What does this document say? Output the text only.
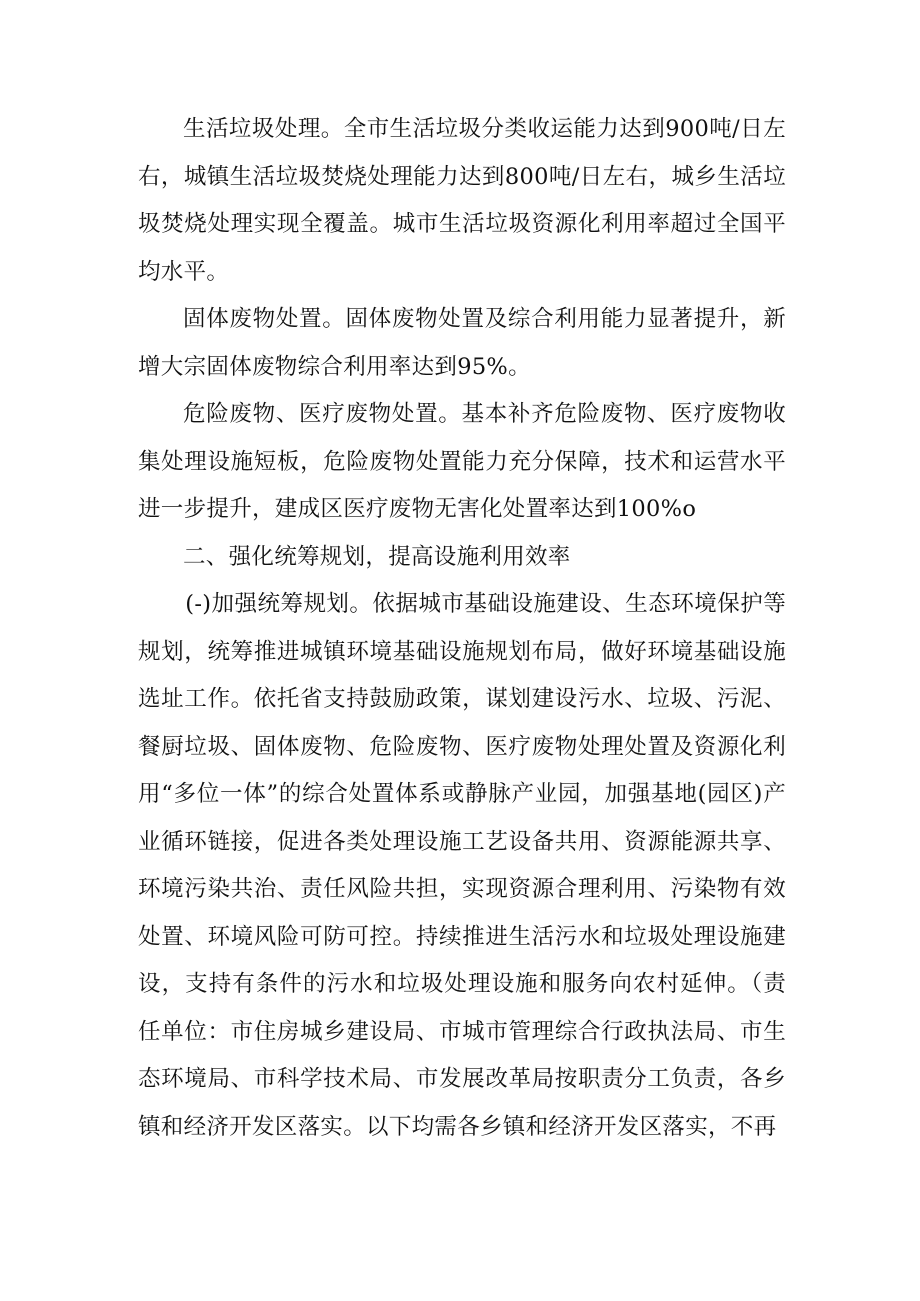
生活垃圾处理。全市生活垃圾分类收运能力达到900吨/日左右，城镇生活垃圾焚烧处理能力达到800吨/日左右，城乡生活垃圾焚烧处理实现全覆盖。城市生活垃圾资源化利用率超过全国平均水平。

固体废物处置。固体废物处置及综合利用能力显著提升，新增大宗固体废物综合利用率达到95%。

危险废物、医疗废物处置。基本补齐危险废物、医疗废物收集处理设施短板，危险废物处置能力充分保障，技术和运营水平进一步提升，建成区医疗废物无害化处置率达到100%o

二、强化统筹规划，提高设施利用效率

(-)加强统筹规划。依据城市基础设施建设、生态环境保护等规划，统筹推进城镇环境基础设施规划布局，做好环境基础设施选址工作。依托省支持鼓励政策，谋划建设污水、垃圾、污泥、餐厨垃圾、固体废物、危险废物、医疗废物处理处置及资源化利用“多位一体”的综合处置体系或静脉产业园，加强基地(园区)产业循环链接，促进各类处理设施工艺设备共用、资源能源共享、环境污染共治、责任风险共担，实现资源合理利用、污染物有效处置、环境风险可防可控。持续推进生活污水和垃圾处理设施建设，支持有条件的污水和垃圾处理设施和服务向农村延伸。（责任单位：市住房城乡建设局、市城市管理综合行政执法局、市生态环境局、市科学技术局、市发展改革局按职责分工负责，各乡镇和经济开发区落实。以下均需各乡镇和经济开发区落实，不再
